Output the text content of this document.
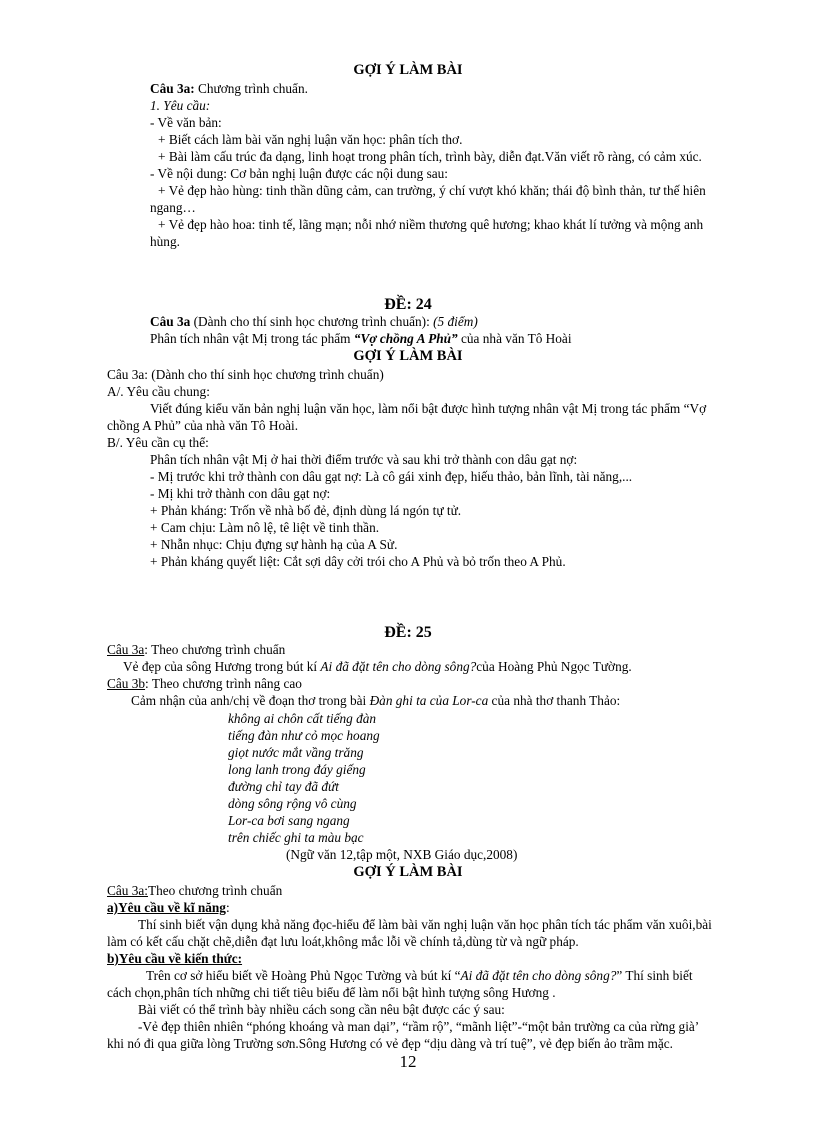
GỢI Ý LÀM BÀI
Câu 3a: Chương trình chuẩn.
1. Yêu cầu:
- Về văn bản:
+ Biết cách làm bài văn nghị luận văn học: phân tích thơ.
+ Bài làm cấu trúc đa dạng, linh hoạt trong phân tích, trình bày, diễn đạt.Văn viết rõ ràng, có cảm xúc.
- Về nội dung: Cơ bản nghị luận được các nội dung sau:
+ Vẻ đẹp hào hùng: tinh thần dũng cảm, can trường, ý chí vượt khó khăn; thái độ bình thản, tư thế hiên
ngang…
+ Vẻ đẹp hào hoa: tinh tế, lãng mạn; nỗi nhớ niềm thương quê hương; khao khát lí tưởng và mộng anh
hùng.
ĐỀ: 24
Câu 3a (Dành cho thí sinh học chương trình chuẩn): (5 điểm)
Phân tích nhân vật Mị trong tác phẩm “Vợ chồng A Phủ” của nhà văn Tô Hoài
GỢI Ý LÀM BÀI
Câu 3a: (Dành cho thí sinh học chương trình chuẩn)
A/. Yêu cầu chung:
Viết đúng kiểu văn bản nghị luận văn học, làm nổi bật được hình tượng nhân vật Mị trong tác phẩm “Vợ
chồng A Phủ” của nhà văn Tô Hoài.
B/. Yêu cần cụ thể:
Phân tích nhân vật Mị ở hai thời điểm trước và sau khi trở thành con dâu gạt nợ:
- Mị trước khi trở thành con dâu gạt nợ: Là cô gái xinh đẹp, hiếu thảo, bản lĩnh, tài năng,...
- Mị khi trở thành con dâu gạt nợ:
+ Phản kháng: Trốn về nhà bố đẻ, định dùng lá ngón tự tử.
+ Cam chịu: Làm nô lệ, tê liệt về tinh thần.
+ Nhẫn nhục: Chịu đựng sự hành hạ của A Sử.
+ Phản kháng quyết liệt: Cắt sợi dây cởi trói cho A Phủ và bỏ trốn theo A Phủ.
ĐỀ: 25
Câu 3a: Theo chương trình chuẩn
Vẻ đẹp của sông Hương trong bút kí Ai đã đặt tên cho dòng sông?của Hoàng Phủ Ngọc Tường.
Câu 3b: Theo chương trình nâng cao
Cảm nhận của anh/chị về đoạn thơ trong bài Đàn ghi ta của Lor-ca của nhà thơ thanh Thảo:
không ai chôn cất tiếng đàn
tiếng đàn như cỏ mọc hoang
giọt nước mắt vầng trăng
long lanh trong đáy giếng
đường chỉ tay đã đứt
dòng sông rộng vô cùng
Lor-ca bơi sang ngang
trên chiếc ghi ta màu bạc
(Ngữ văn 12,tập một, NXB Giáo dục,2008)
GỢI Ý LÀM BÀI
Câu 3a:Theo chương trình chuẩn
a)Yêu cầu về kĩ năng:
Thí sinh biết vận dụng khả năng đọc-hiểu để làm bài văn nghị luận văn học phân tích tác phẩm văn xuôi,bài
làm có kết cấu chặt chẽ,diễn đạt lưu loát,không mắc lỗi về chính tả,dùng từ và ngữ pháp.
b)Yêu cầu về kiến thức:
Trên cơ sở hiểu biết về Hoàng Phủ Ngọc Tường và bút kí “Ai đã đặt tên cho dòng sông?” Thí sinh biết
cách chọn,phân tích những chi tiết tiêu biểu để làm nổi bật hình tượng sông Hương .
Bài viết có thể trình bày nhiều cách song cần nêu bật được các ý sau:
-Vẻ đẹp thiên nhiên “phóng khoáng và man dại”, “rầm rộ”, “mãnh liệt”-“một bản trường ca của rừng già’
khi nó đi qua giữa lòng Trường sơn.Sông Hương có vẻ đẹp “dịu dàng và trí tuệ”, vẻ đẹp biến ảo trầm mặc.
12
